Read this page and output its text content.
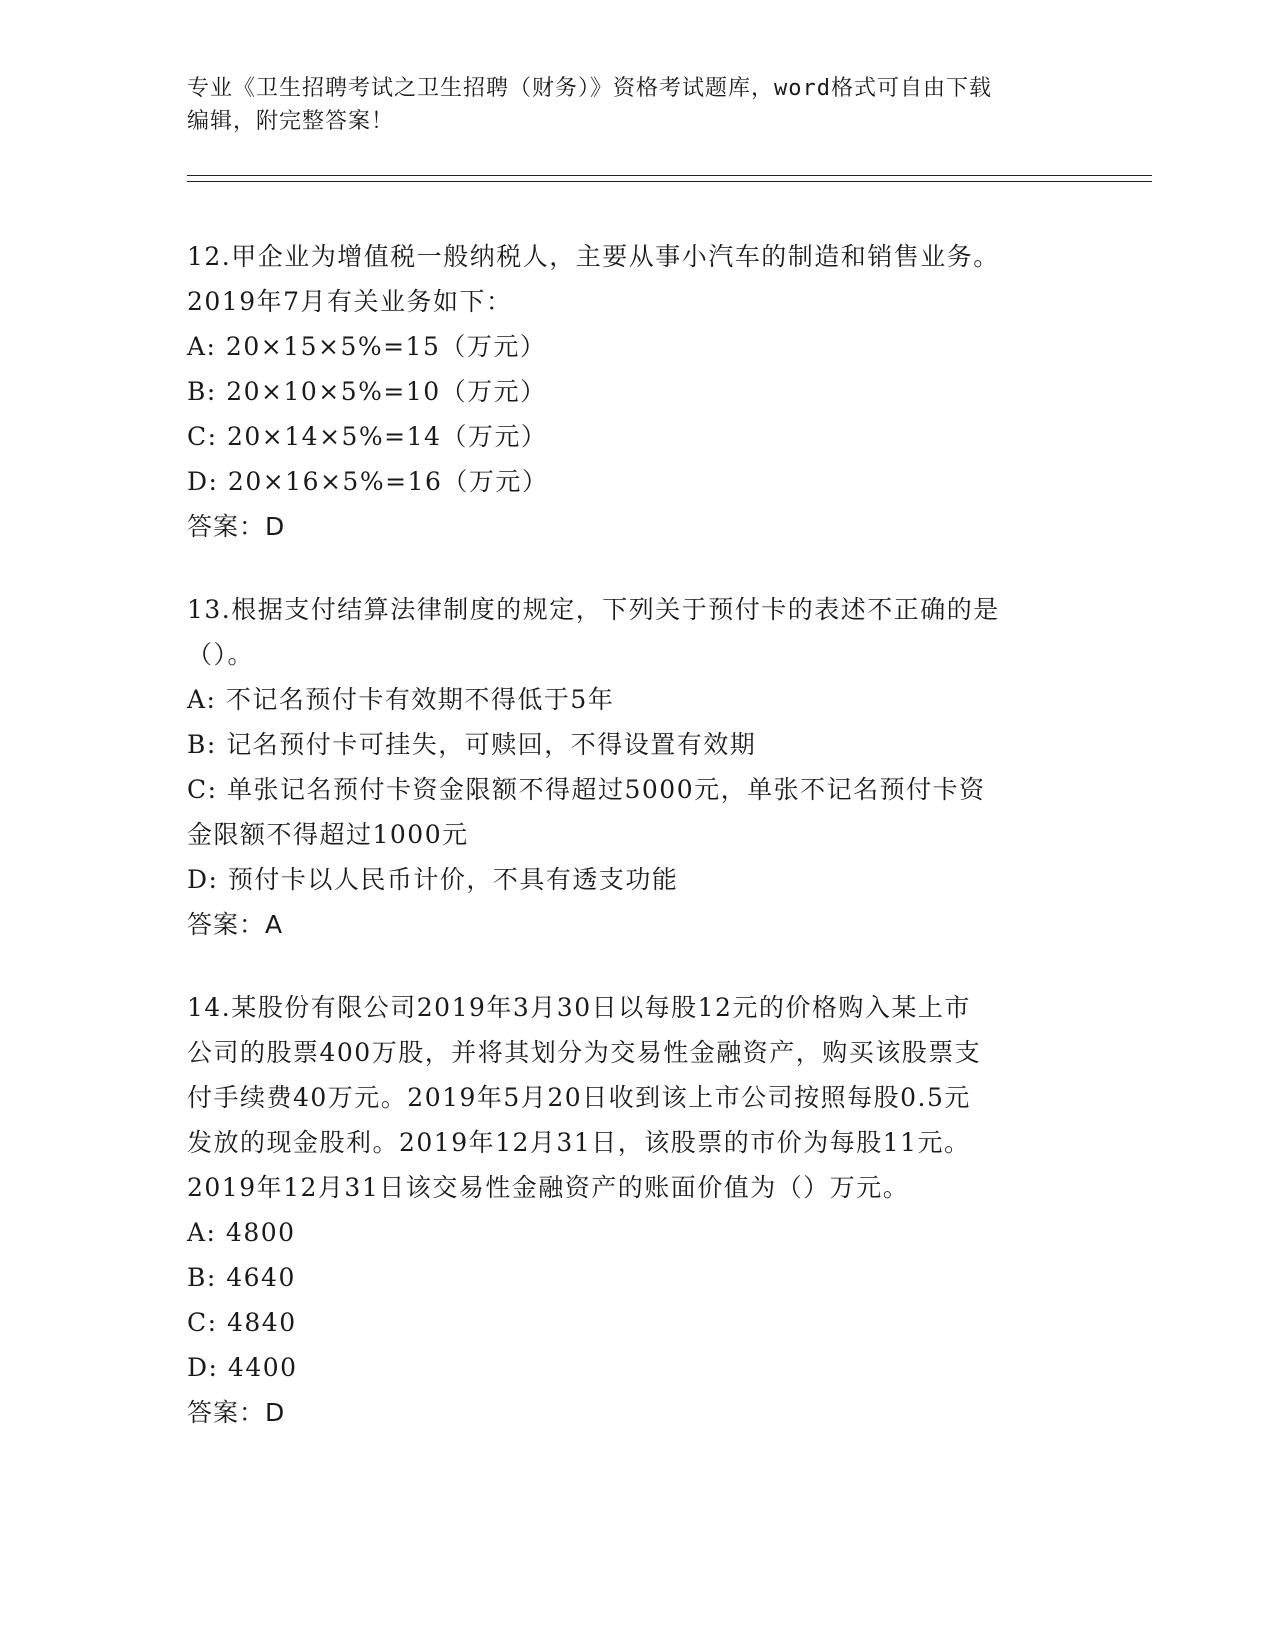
专业《卫生招聘考试之卫生招聘（财务）》资格考试题库，word格式可自由下载
编辑，附完整答案！
12.甲企业为增值税一般纳税人，主要从事小汽车的制造和销售业务。
2019年7月有关业务如下：
A: 20×15×5%=15（万元）
B: 20×10×5%=10（万元）
C: 20×14×5%=14（万元）
D: 20×16×5%=16（万元）
答案：D
13.根据支付结算法律制度的规定，下列关于预付卡的表述不正确的是
（）。
A: 不记名预付卡有效期不得低于5年
B: 记名预付卡可挂失，可赎回，不得设置有效期
C: 单张记名预付卡资金限额不得超过5000元，单张不记名预付卡资
金限额不得超过1000元
D: 预付卡以人民币计价，不具有透支功能
答案：A
14.某股份有限公司2019年3月30日以每股12元的价格购入某上市
公司的股票400万股，并将其划分为交易性金融资产，购买该股票支
付手续费40万元。2019年5月20日收到该上市公司按照每股0.5元
发放的现金股利。2019年12月31日，该股票的市价为每股11元。
2019年12月31日该交易性金融资产的账面价值为（）万元。
A: 4800
B: 4640
C: 4840
D: 4400
答案：D
